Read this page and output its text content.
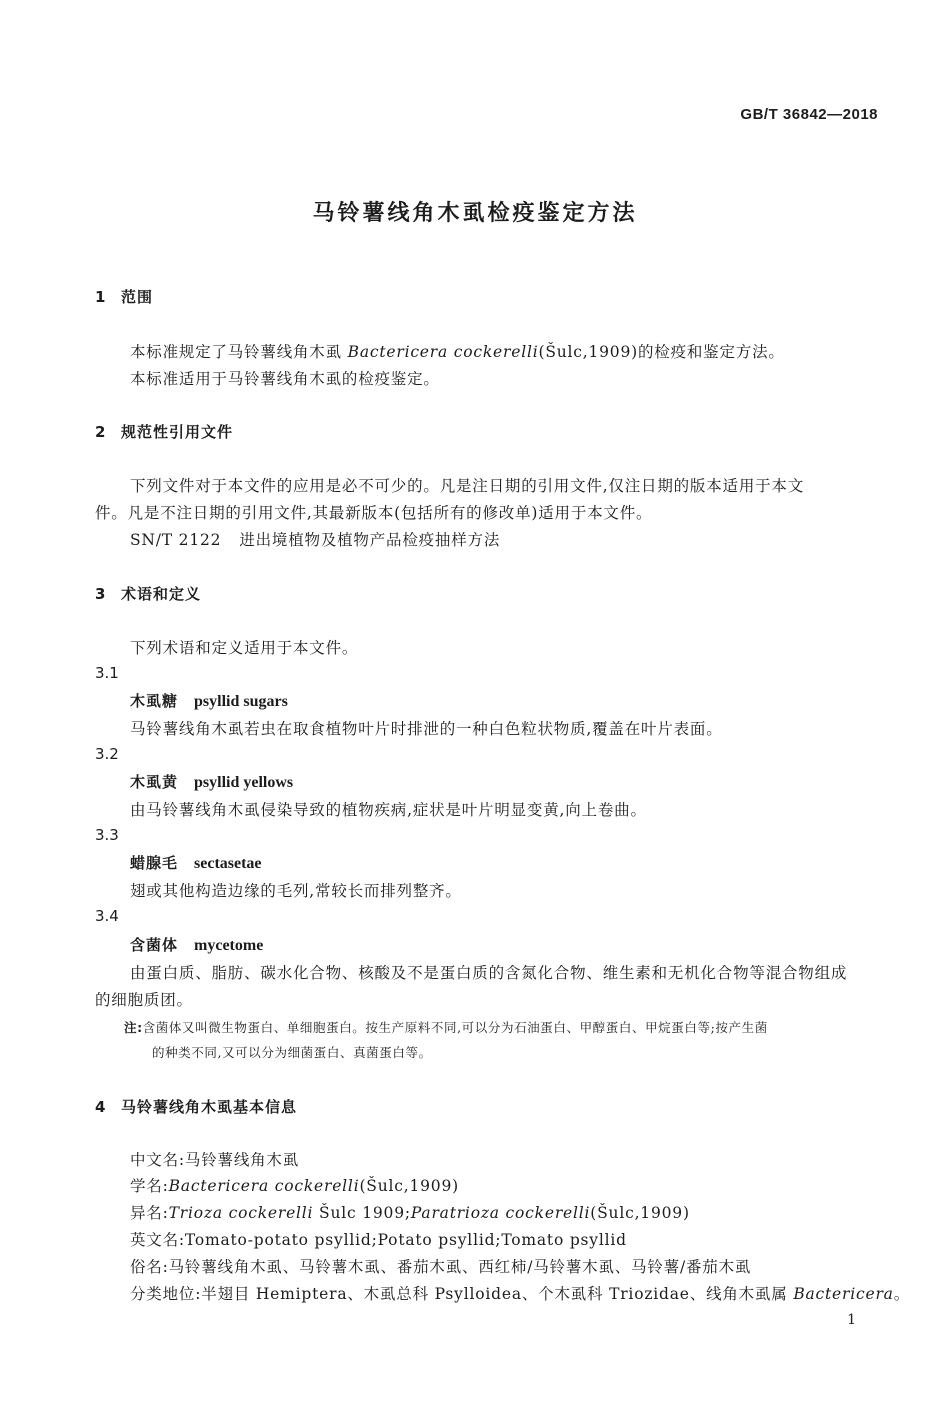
GB/T 36842—2018
马铃薯线角木虱检疫鉴定方法
1 范围
本标准规定了马铃薯线角木虱 Bactericera cockerelli(Šulc,1909)的检疫和鉴定方法。
本标准适用于马铃薯线角木虱的检疫鉴定。
2 规范性引用文件
下列文件对于本文件的应用是必不可少的。凡是注日期的引用文件,仅注日期的版本适用于本文
件。凡是不注日期的引用文件,其最新版本(包括所有的修改单)适用于本文件。
SN/T 2122 进出境植物及植物产品检疫抽样方法
3 术语和定义
下列术语和定义适用于本文件。
3.1
木虱糖 psyllid sugars
马铃薯线角木虱若虫在取食植物叶片时排泄的一种白色粒状物质,覆盖在叶片表面。
3.2
木虱黄 psyllid yellows
由马铃薯线角木虱侵染导致的植物疾病,症状是叶片明显变黄,向上卷曲。
3.3
蜡腺毛 sectasetae
翅或其他构造边缘的毛列,常较长而排列整齐。
3.4
含菌体 mycetome
由蛋白质、脂肪、碳水化合物、核酸及不是蛋白质的含氮化合物、维生素和无机化合物等混合物组成
的细胞质团。
注:含菌体又叫微生物蛋白、单细胞蛋白。按生产原料不同,可以分为石油蛋白、甲醇蛋白、甲烷蛋白等;按产生菌
的种类不同,又可以分为细菌蛋白、真菌蛋白等。
4 马铃薯线角木虱基本信息
中文名:马铃薯线角木虱
学名:Bactericera cockerelli(Šulc,1909)
异名:Trioza cockerelli Šulc 1909;Paratrioza cockerelli(Šulc,1909)
英文名:Tomato-potato psyllid;Potato psyllid;Tomato psyllid
俗名:马铃薯线角木虱、马铃薯木虱、番茄木虱、西红柿/马铃薯木虱、马铃薯/番茄木虱
分类地位:半翅目 Hemiptera、木虱总科 Psylloidea、个木虱科 Triozidae、线角木虱属 Bactericera。
1
